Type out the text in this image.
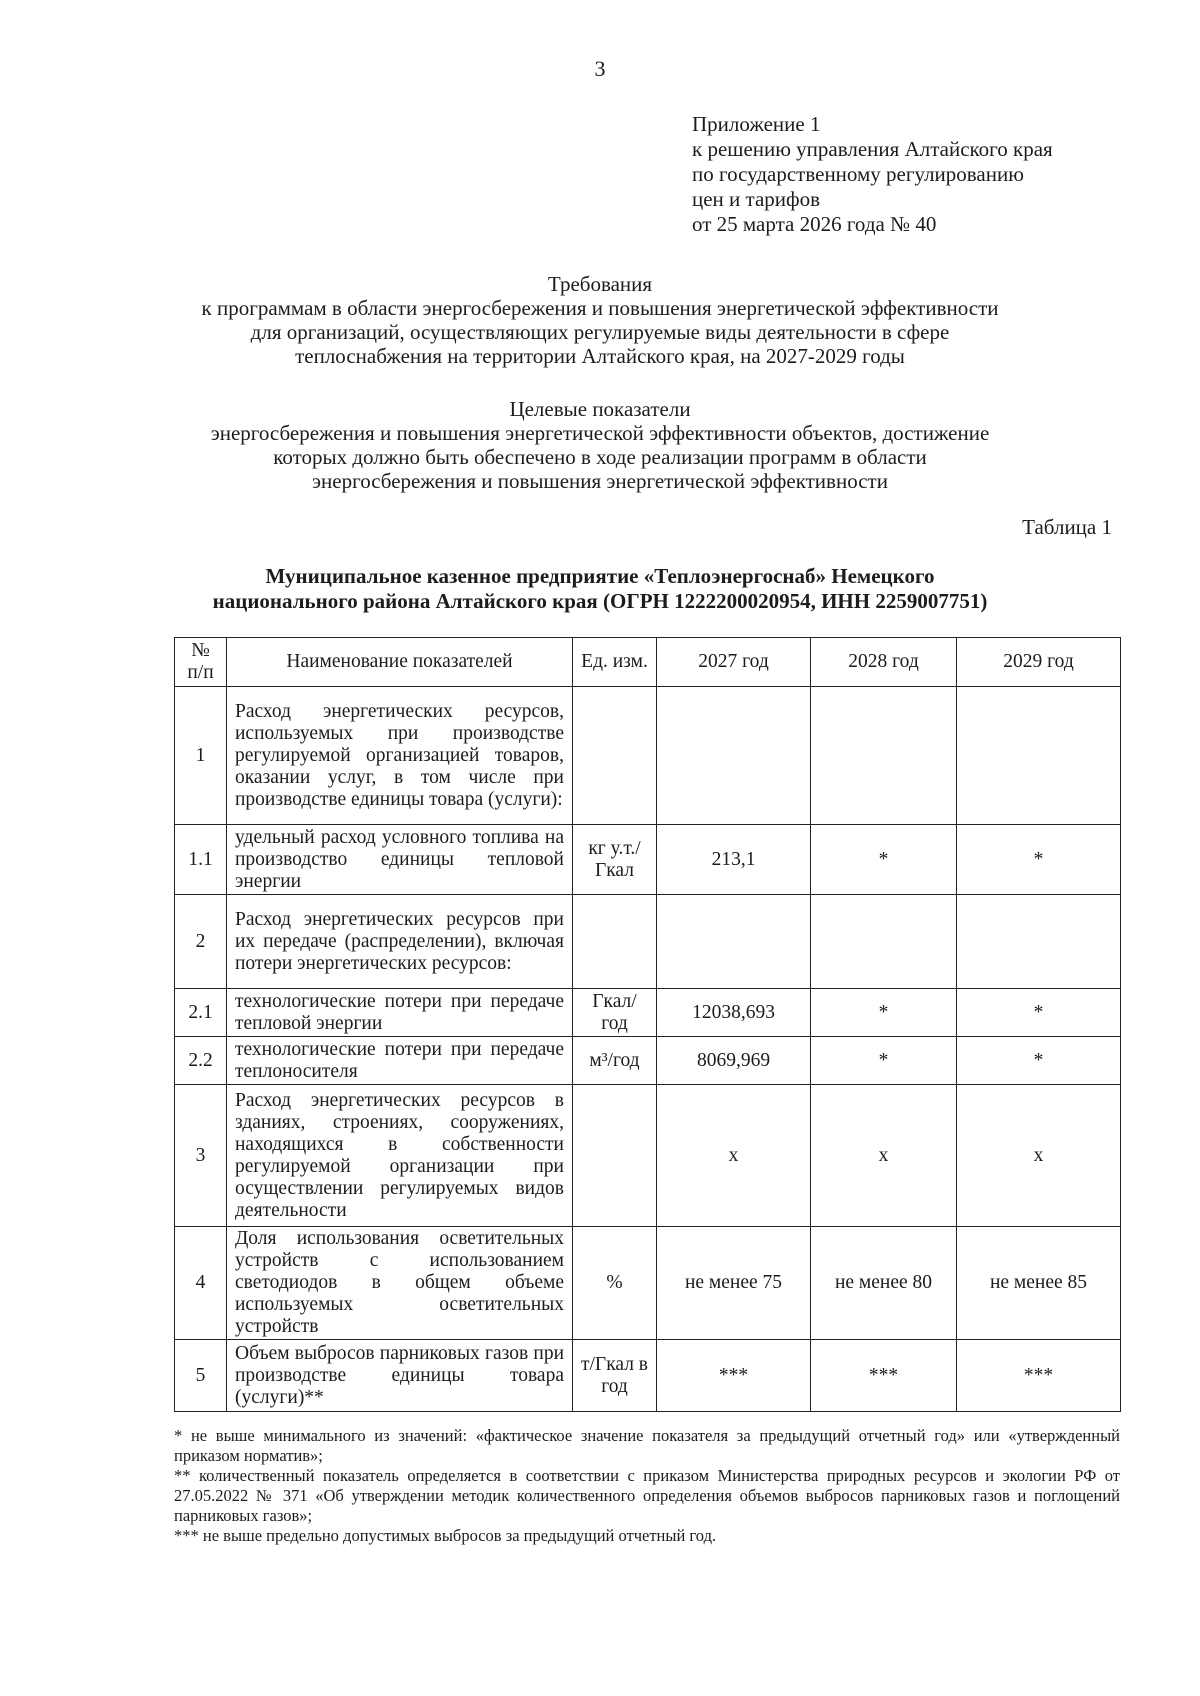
3
Приложение 1
к решению управления Алтайского края
по государственному регулированию
цен и тарифов
от 25 марта 2026 года № 40
Требования
к программам в области энергосбережения и повышения энергетической эффективности
для организаций, осуществляющих регулируемые виды деятельности в сфере
теплоснабжения на территории Алтайского края, на 2027-2029 годы
Целевые показатели
энергосбережения и повышения энергетической эффективности объектов, достижение
которых должно быть обеспечено в ходе реализации программ в области
энергосбережения и повышения энергетической эффективности
Таблица 1
Муниципальное казенное предприятие «Теплоэнергоснаб» Немецкого
национального района Алтайского края (ОГРН 1222200020954, ИНН 2259007751)
№ п/п	Наименование показателей	Ед. изм.	2027 год	2028 год	2029 год
1	Расход энергетических ресурсов, используемых при производстве регулируемой организацией товаров, оказании услуг, в том числе при производстве единицы товара (услуги):				
1.1	удельный расход условного топлива на производство единицы тепловой энергии	кг у.т./ Гкал	213,1	*	*
2	Расход энергетических ресурсов при их передаче (распределении), включая потери энергетических ресурсов:				
2.1	технологические потери при передаче тепловой энергии	Гкал/ год	12038,693	*	*
2.2	технологические потери при передаче теплоносителя	м³/год	8069,969	*	*
3	Расход энергетических ресурсов в зданиях, строениях, сооружениях, находящихся в собственности регулируемой организации при осуществлении регулируемых видов деятельности		x	x	x
4	Доля использования осветительных устройств с использованием светодиодов в общем объеме используемых осветительных устройств	%	не менее 75	не менее 80	не менее 85
5	Объем выбросов парниковых газов при производстве единицы товара (услуги)**	т/Гкал в год	***	***	***

* не выше минимального из значений: «фактическое значение показателя за предыдущий отчетный год» или «утвержденный приказом норматив»;

** количественный показатель определяется в соответствии с приказом Министерства природных ресурсов и экологии РФ от 27.05.2022 № 371 «Об утверждении методик количественного определения объемов выбросов парниковых газов и поглощений парниковых газов»;

*** не выше предельно допустимых выбросов за предыдущий отчетный год.
